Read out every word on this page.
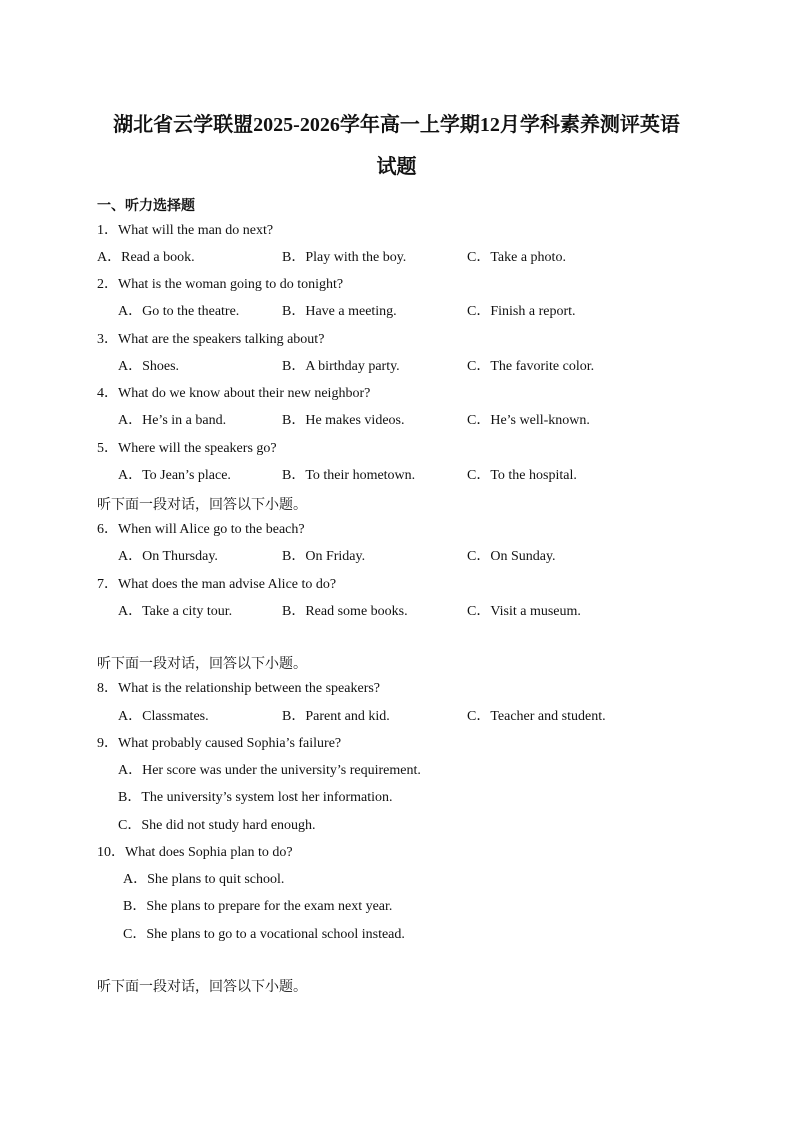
湖北省云学联盟2025-2026学年高一上学期12月学科素养测评英语
试题
一、听力选择题
1．What will the man do next?
A．Read a book.	B．Play with the boy.	C．Take a photo.
2．What is the woman going to do tonight?
A．Go to the theatre.	B．Have a meeting.	C．Finish a report.
3．What are the speakers talking about?
A．Shoes.	B．A birthday party.	C．The favorite color.
4．What do we know about their new neighbor?
A．He’s in a band.	B．He makes videos.	C．He’s well-known.
5．Where will the speakers go?
A．To Jean’s place.	B．To their hometown.	C．To the hospital.
听下面一段对话，回答以下小题。
6．When will Alice go to the beach?
A．On Thursday.	B．On Friday.	C．On Sunday.
7．What does the man advise Alice to do?
A．Take a city tour.	B．Read some books.	C．Visit a museum.
听下面一段对话，回答以下小题。
8．What is the relationship between the speakers?
A．Classmates.	B．Parent and kid.	C．Teacher and student.
9．What probably caused Sophia’s failure?
A．Her score was under the university’s requirement.
B．The university’s system lost her information.
C．She did not study hard enough.
10．What does Sophia plan to do?
A．She plans to quit school.
B．She plans to prepare for the exam next year.
C．She plans to go to a vocational school instead.
听下面一段对话，回答以下小题。
